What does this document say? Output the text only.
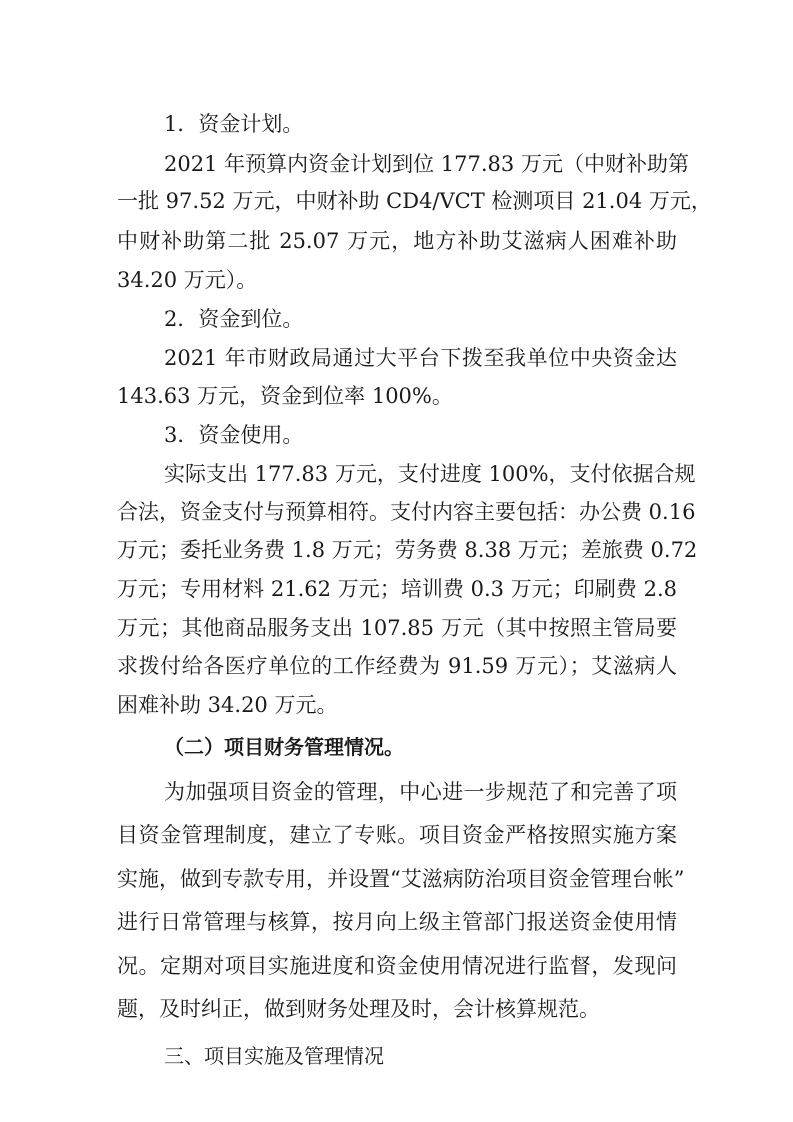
1．资金计划。
2021 年预算内资金计划到位 177.83 万元（中财补助第
一批 97.52 万元，中财补助 CD4/VCT 检测项目 21.04 万元，
中财补助第二批 25.07 万元，地方补助艾滋病人困难补助
34.20 万元）。
2．资金到位。
2021 年市财政局通过大平台下拨至我单位中央资金达
143.63 万元，资金到位率 100%。
3．资金使用。
实际支出 177.83 万元，支付进度 100%，支付依据合规
合法，资金支付与预算相符。支付内容主要包括：办公费 0.16
万元；委托业务费 1.8 万元；劳务费 8.38 万元；差旅费 0.72
万元；专用材料 21.62 万元；培训费 0.3 万元；印刷费 2.8
万元；其他商品服务支出 107.85 万元（其中按照主管局要
求拨付给各医疗单位的工作经费为 91.59 万元）；艾滋病人
困难补助 34.20 万元。
（二）项目财务管理情况。
为加强项目资金的管理，中心进一步规范了和完善了项
目资金管理制度，建立了专账。项目资金严格按照实施方案
实施，做到专款专用，并设置“艾滋病防治项目资金管理台帐”
进行日常管理与核算，按月向上级主管部门报送资金使用情
况。定期对项目实施进度和资金使用情况进行监督，发现问
题，及时纠正，做到财务处理及时，会计核算规范。
三、项目实施及管理情况
